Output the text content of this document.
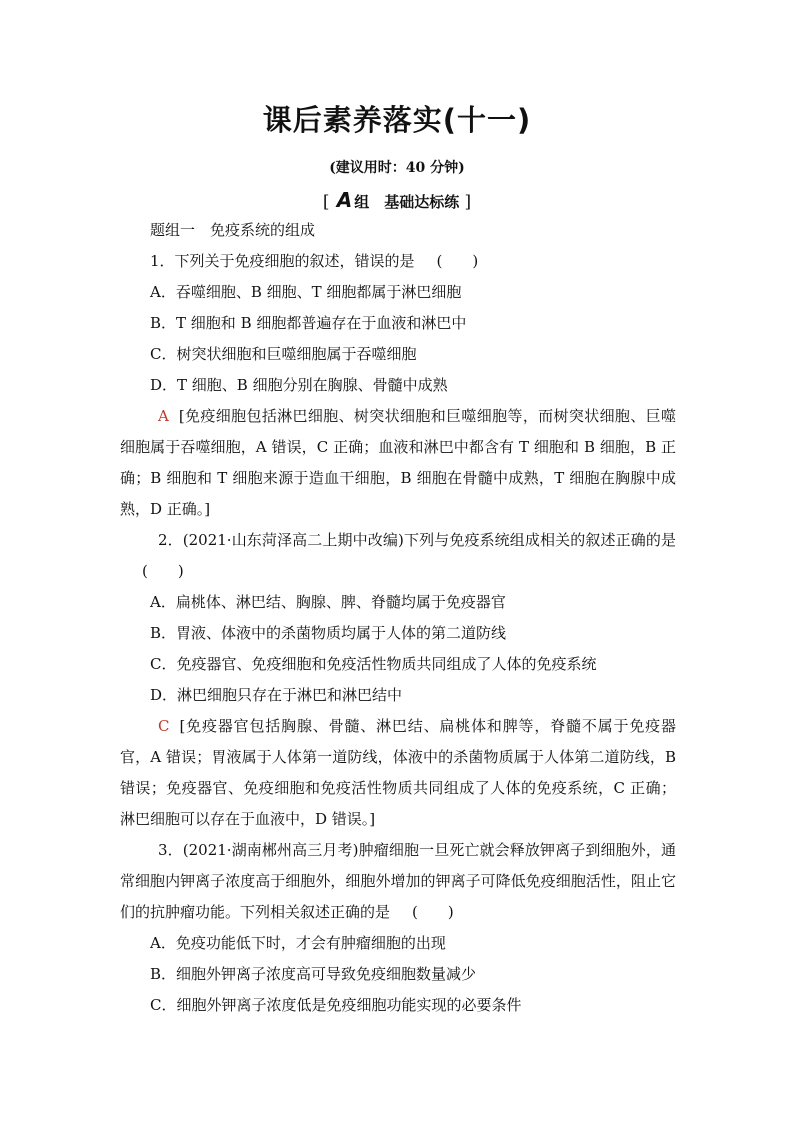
课后素养落实(十一)
(建议用时：40 分钟)
[ A 组　基础达标练 ]

题组一　免疫系统的组成

1．下列关于免疫细胞的叙述，错误的是 (　　)

A．吞噬细胞、B 细胞、T 细胞都属于淋巴细胞

B．T 细胞和 B 细胞都普遍存在于血液和淋巴中

C．树突状细胞和巨噬细胞属于吞噬细胞

D．T 细胞、B 细胞分别在胸腺、骨髓中成熟

A [免疫细胞包括淋巴细胞、树突状细胞和巨噬细胞等，而树突状细胞、巨噬细胞属于吞噬细胞，A 错误，C 正确；血液和淋巴中都含有 T 细胞和 B 细胞，B 正确；B 细胞和 T 细胞来源于造血干细胞，B 细胞在骨髓中成熟，T 细胞在胸腺中成熟，D 正确。]

2．(2021·山东菏泽高二上期中改编)下列与免疫系统组成相关的叙述正确的是(　　)

A．扁桃体、淋巴结、胸腺、脾、脊髓均属于免疫器官

B．胃液、体液中的杀菌物质均属于人体的第二道防线

C．免疫器官、免疫细胞和免疫活性物质共同组成了人体的免疫系统

D．淋巴细胞只存在于淋巴和淋巴结中

C [免疫器官包括胸腺、骨髓、淋巴结、扁桃体和脾等，脊髓不属于免疫器官，A 错误；胃液属于人体第一道防线，体液中的杀菌物质属于人体第二道防线，B 错误；免疫器官、免疫细胞和免疫活性物质共同组成了人体的免疫系统，C 正确；淋巴细胞可以存在于血液中，D 错误。]

3．(2021·湖南郴州高三月考)肿瘤细胞一旦死亡就会释放钾离子到细胞外，通常细胞内钾离子浓度高于细胞外，细胞外增加的钾离子可降低免疫细胞活性，阻止它们的抗肿瘤功能。下列相关叙述正确的是 (　　)

A．免疫功能低下时，才会有肿瘤细胞的出现

B．细胞外钾离子浓度高可导致免疫细胞数量减少

C．细胞外钾离子浓度低是免疫细胞功能实现的必要条件
